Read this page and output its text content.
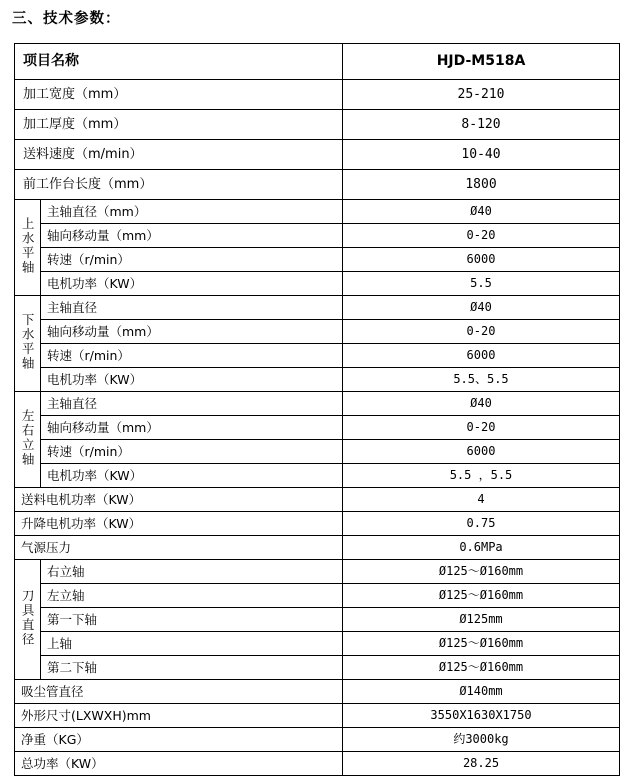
三、技术参数：
项目名称		HJD-M518A

加工宽度（mm）		25-210

加工厚度（mm）		8-120

送料速度（m/min）		10-40

前工作台长度（mm）		1800

上水平轴	主轴直径（mm）	Ø40

	轴向移动量（mm）	0-20

	转速（r/min）	6000

	电机功率（KW）	5.5

下水平轴	主轴直径	Ø40

	轴向移动量（mm）	0-20

	转速（r/min）	6000

	电机功率（KW）	5.5、5.5

左右立轴	主轴直径	Ø40

	轴向移动量（mm）	0-20

	转速（r/min）	6000

	电机功率（KW）	5.5 ，5.5

送料电机功率（KW）		4

升降电机功率（KW）		0.75

气源压力		0.6MPa

刀具直径	右立轴	Ø125～Ø160mm

	左立轴	Ø125～Ø160mm

	第一下轴	Ø125mm

	上轴	Ø125～Ø160mm

	第二下轴	Ø125～Ø160mm

吸尘管直径		Ø140mm

外形尺寸(LXWXH)mm		3550X1630X1750

净重（KG）		约3000kg

总功率（KW）		28.25
